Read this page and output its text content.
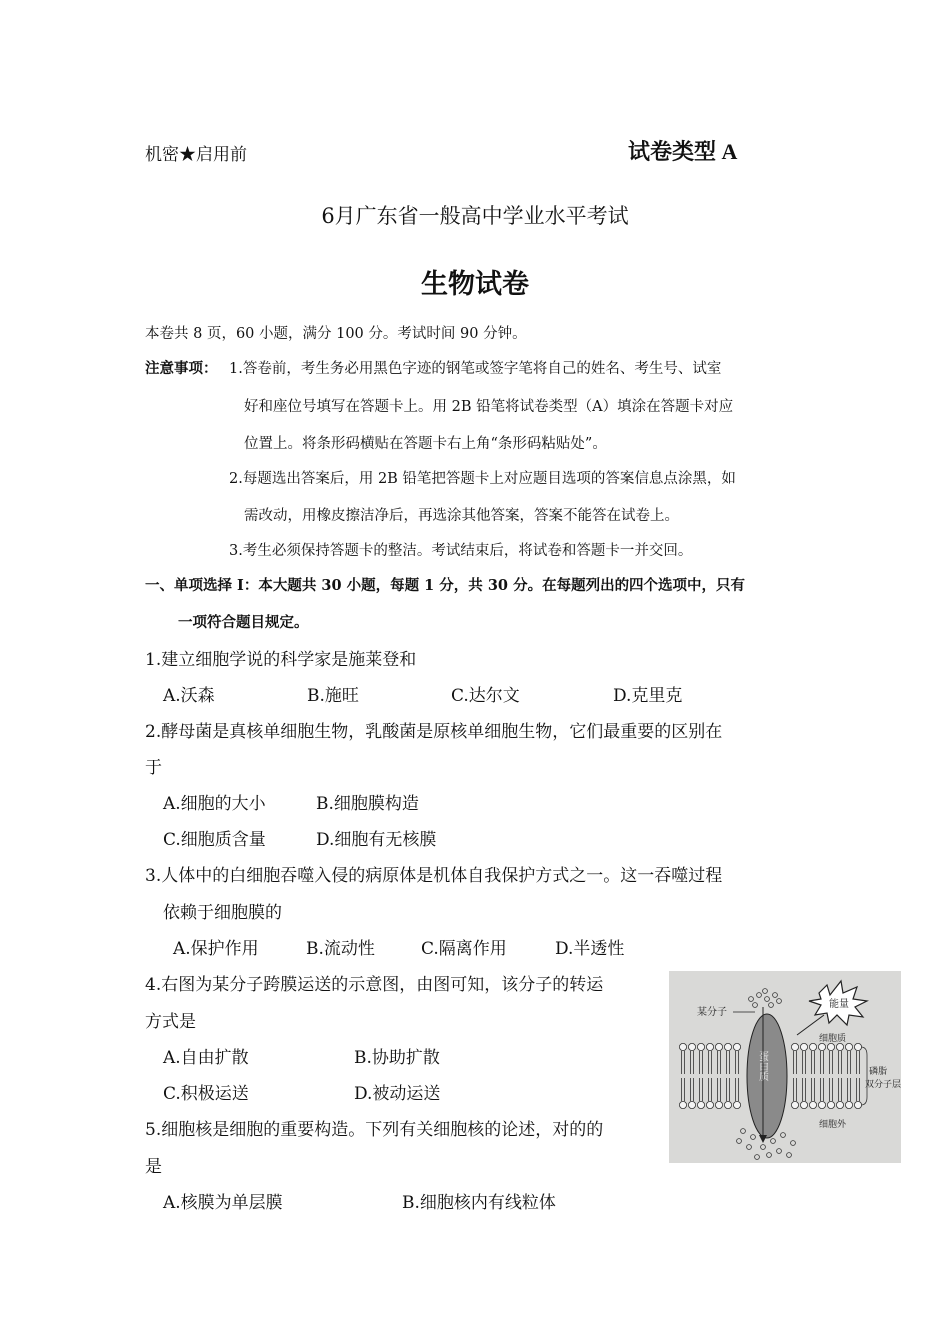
机密★启用前	试卷类型 A
6月广东省一般高中学业水平考试
生物试卷
本卷共 8 页，60 小题，满分 100 分。考试时间 90 分钟。
注意事项： 1.答卷前，考生务必用黑色字迹的钢笔或签字笔将自己的姓名、考生号、试室
好和座位号填写在答题卡上。用 2B 铅笔将试卷类型（A）填涂在答题卡对应
位置上。将条形码横贴在答题卡右上角“条形码粘贴处”。
2.每题选出答案后，用 2B 铅笔把答题卡上对应题目选项的答案信息点涂黑，如
需改动，用橡皮擦洁净后，再选涂其他答案，答案不能答在试卷上。
3.考生必须保持答题卡的整洁。考试结束后，将试卷和答题卡一并交回。
一、单项选择 I：本大题共 30 小题，每题 1 分，共 30 分。在每题列出的四个选项中，只有
一项符合题目规定。
1.建立细胞学说的科学家是施莱登和
A.沃森	B.施旺	C.达尔文	D.克里克
2.酵母菌是真核单细胞生物，乳酸菌是原核单细胞生物，它们最重要的区别在
于
A.细胞的大小	B.细胞膜构造
C.细胞质含量	D.细胞有无核膜
3.人体中的白细胞吞噬入侵的病原体是机体自我保护方式之一。这一吞噬过程
依赖于细胞膜的
A.保护作用	B.流动性	C.隔离作用	D.半透性
4.右图为某分子跨膜运送的示意图，由图可知，该分子的转运
方式是
A.自由扩散	B.协助扩散
C.积极运送	D.被动运送
5.细胞核是细胞的重要构造。下列有关细胞核的论述，对的的
是
A.核膜为单层膜	B.细胞核内有线粒体
能量
蛋白质
某分子
细胞质
磷脂
双分子层
细胞外
